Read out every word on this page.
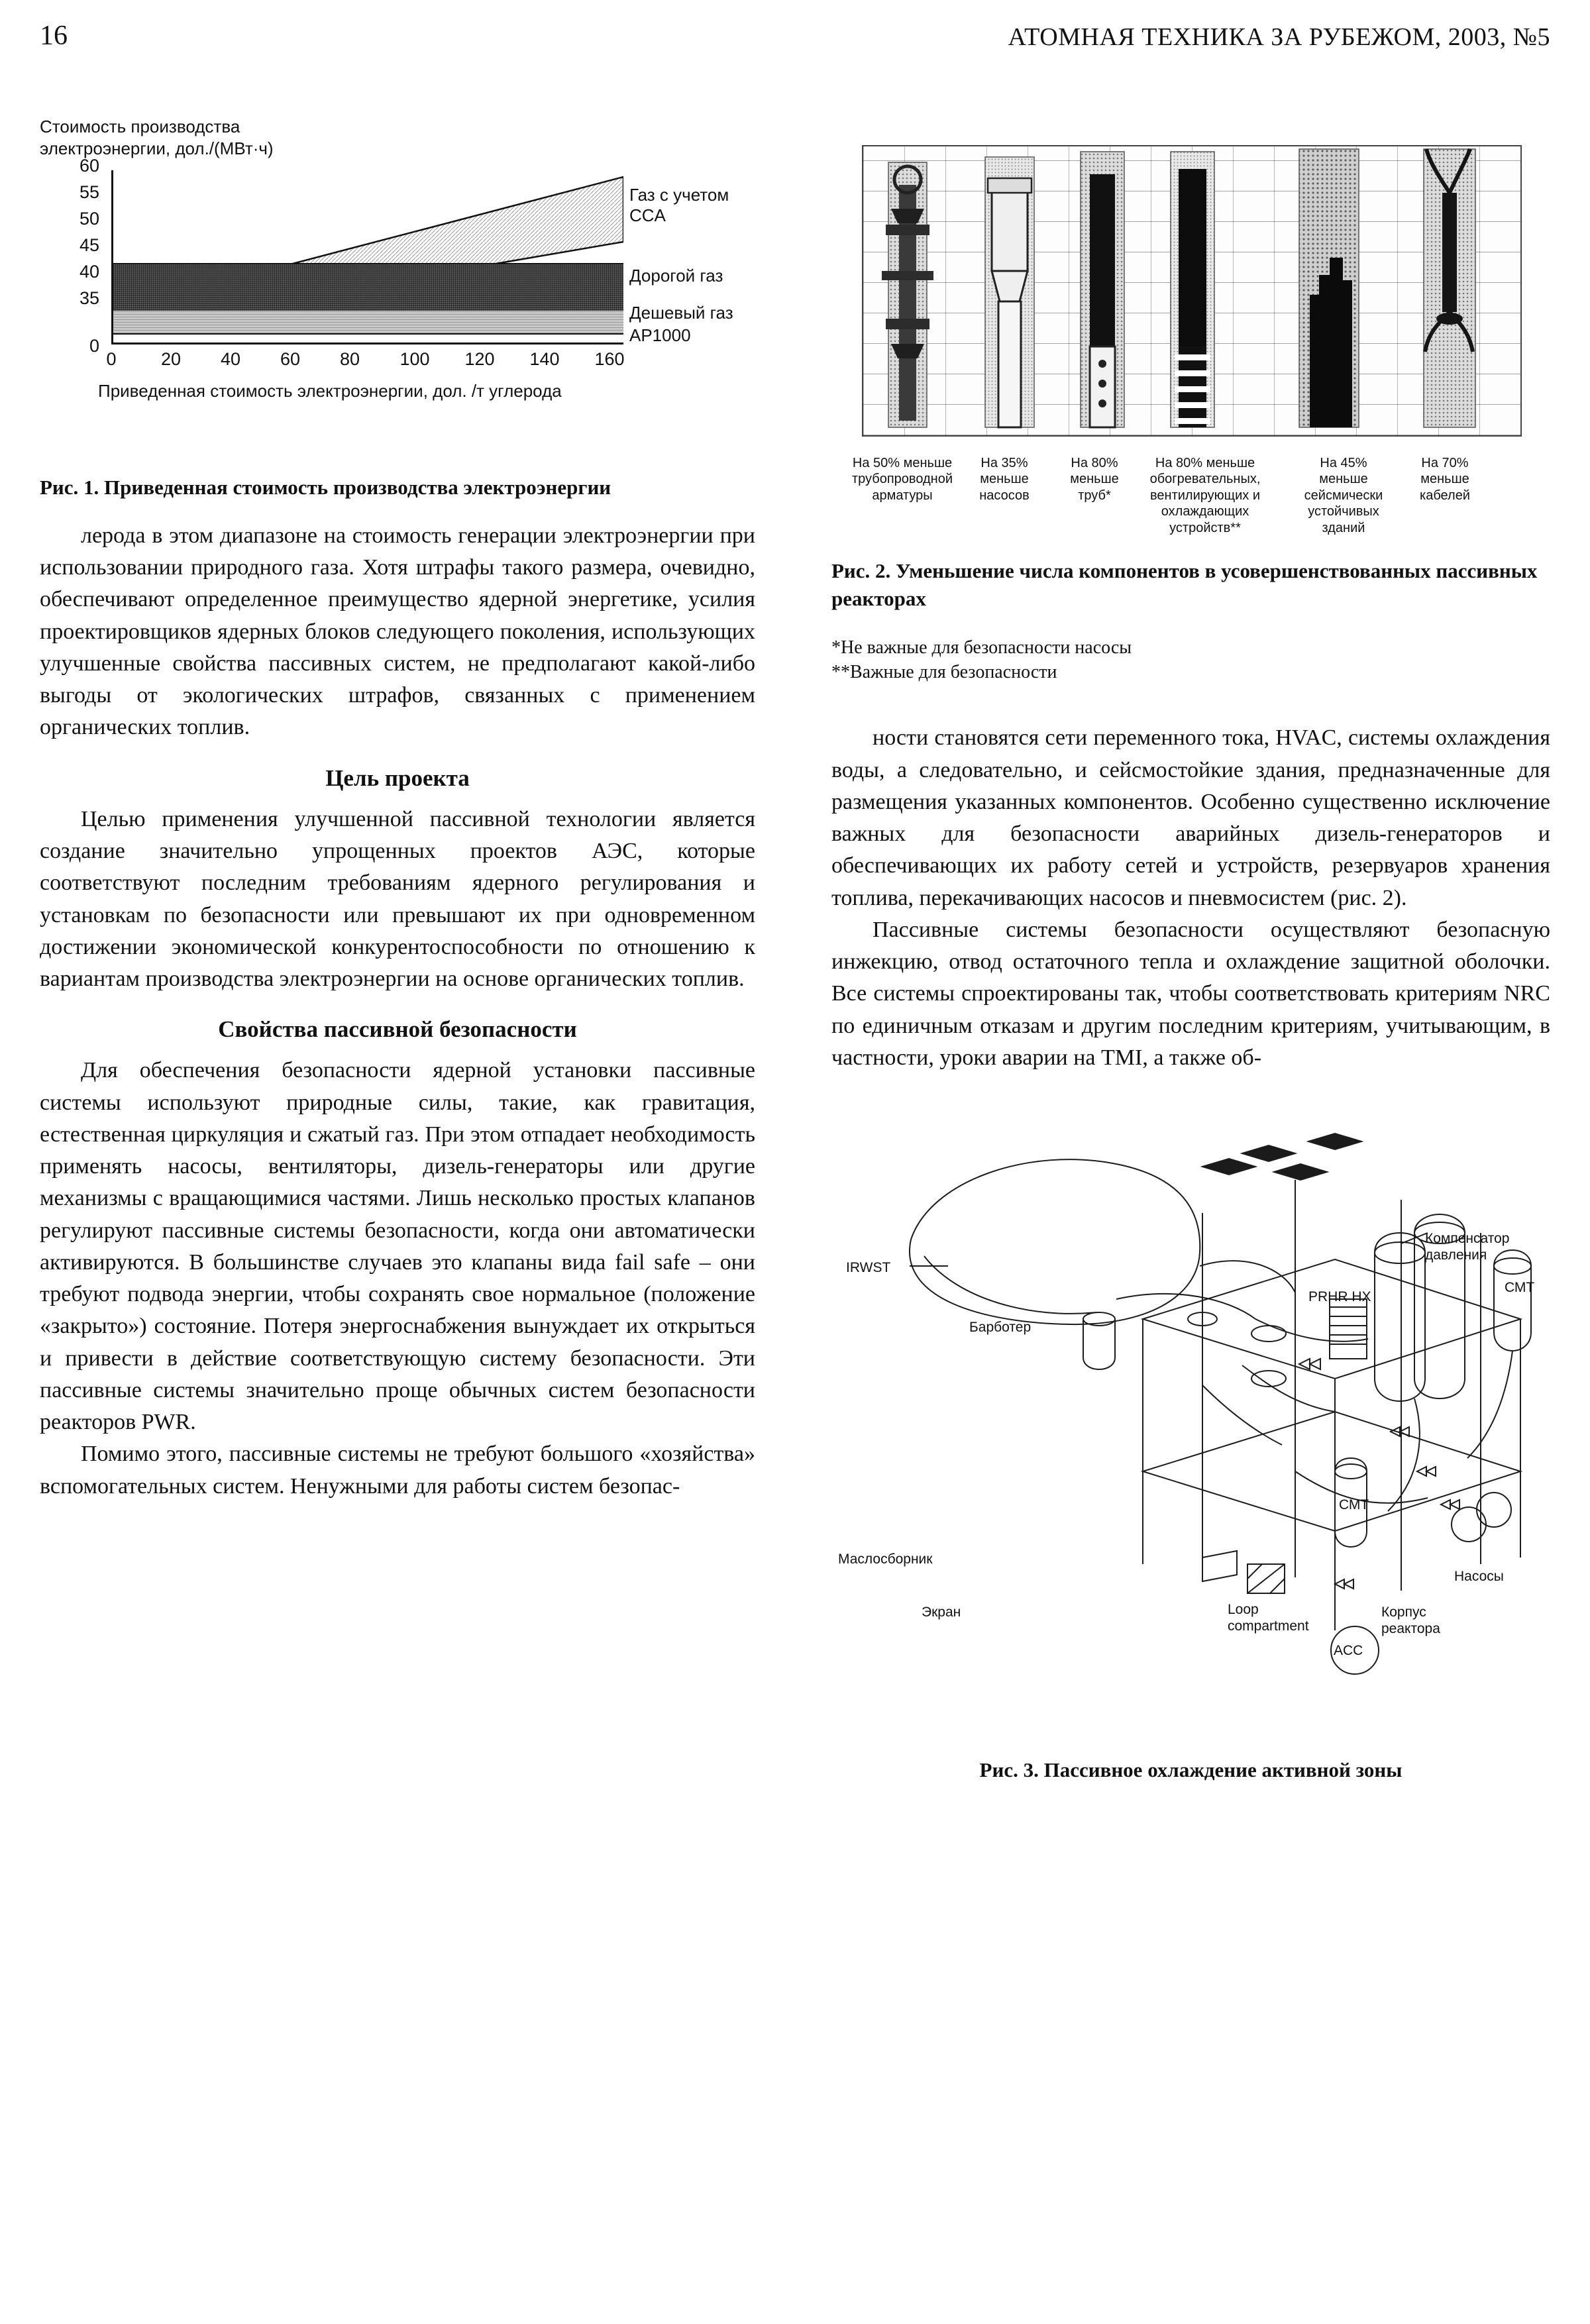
16	АТОМНАЯ ТЕХНИКА ЗА РУБЕЖОМ, 2003, №5
Стоимость производства
электроэнергии, дол./(МВт·ч)
60
55
50
45
40
35
0
0 20 40 60 80 100 120 140 160
Приведенная стоимость электроэнергии, дол. /т углерода
Газ с учетом
CCA
Дорогой газ
Дешевый газ
AP1000
Рис. 1. Приведенная стоимость производства электроэнергии

лерода в этом диапазоне на стоимость генерации электроэнергии при использовании природного газа. Хотя штрафы такого размера, очевидно, обеспечивают определенное преимущество ядерной энергетике, усилия проектировщиков ядерных блоков следующего поколения, использующих улучшенные свойства пассивных систем, не предполагают какой-либо выгоды от экологических штрафов, связанных с применением органических топлив.

Цель проекта

Целью применения улучшенной пассивной технологии является создание значительно упрощенных проектов АЭС, которые соответствуют последним требованиям ядерного регулирования и установкам по безопасности или превышают их при одновременном достижении экономической конкурентоспособности по отношению к вариантам производства электроэнергии на основе органических топлив.

Свойства пассивной безопасности

Для обеспечения безопасности ядерной установки пассивные системы используют природные силы, такие, как гравитация, естественная циркуляция и сжатый газ. При этом отпадает необходимость применять насосы, вентиляторы, дизель-генераторы или другие механизмы с вращающимися частями. Лишь несколько простых клапанов регулируют пассивные системы безопасности, когда они автоматически активируются. В большинстве случаев это клапаны вида fail safe – они требуют подвода энергии, чтобы сохранять свое нормальное (положение «закрыто») состояние. Потеря энергоснабжения вынуждает их открыться и привести в действие соответствующую систему безопасности. Эти пассивные системы значительно проще обычных систем безопасности реакторов PWR.

Помимо этого, пассивные системы не требуют большого «хозяйства» вспомогательных систем. Ненужными для работы систем безопас-

На 50% меньше трубопроводной арматуры
На 35% меньше насосов
На 80% меньше труб*
На 80% меньше обогревательных, вентилирующих и охлаждающих устройств**
На 45% меньше сейсмически устойчивых зданий
На 70% меньше кабелей
Рис. 2. Уменьшение числа компонентов в усовершенствованных пассивных реакторах
*Не важные для безопасности насосы
**Важные для безопасности

ности становятся сети переменного тока, HVAC, системы охлаждения воды, а следовательно, и сейсмостойкие здания, предназначенные для размещения указанных компонентов. Особенно существенно исключение важных для безопасности аварийных дизель-генераторов и обеспечивающих их работу сетей и устройств, резервуаров хранения топлива, перекачивающих насосов и пневмосистем (рис. 2).

Пассивные системы безопасности осуществляют безопасную инжекцию, отвод остаточного тепла и охлаждение защитной оболочки. Все системы спроектированы так, чтобы соответствовать критериям NRC по единичным отказам и другим последним критериям, учитывающим, в частности, уроки аварии на TMI, а также об-

IRWST
Барботер
PRHR HX
Компенсатор давления
СМТ
Маслосборник
Экран
СМТ
Насосы
Loop compartment
Корпус реактора
ACC
Рис. 3. Пассивное охлаждение активной зоны
